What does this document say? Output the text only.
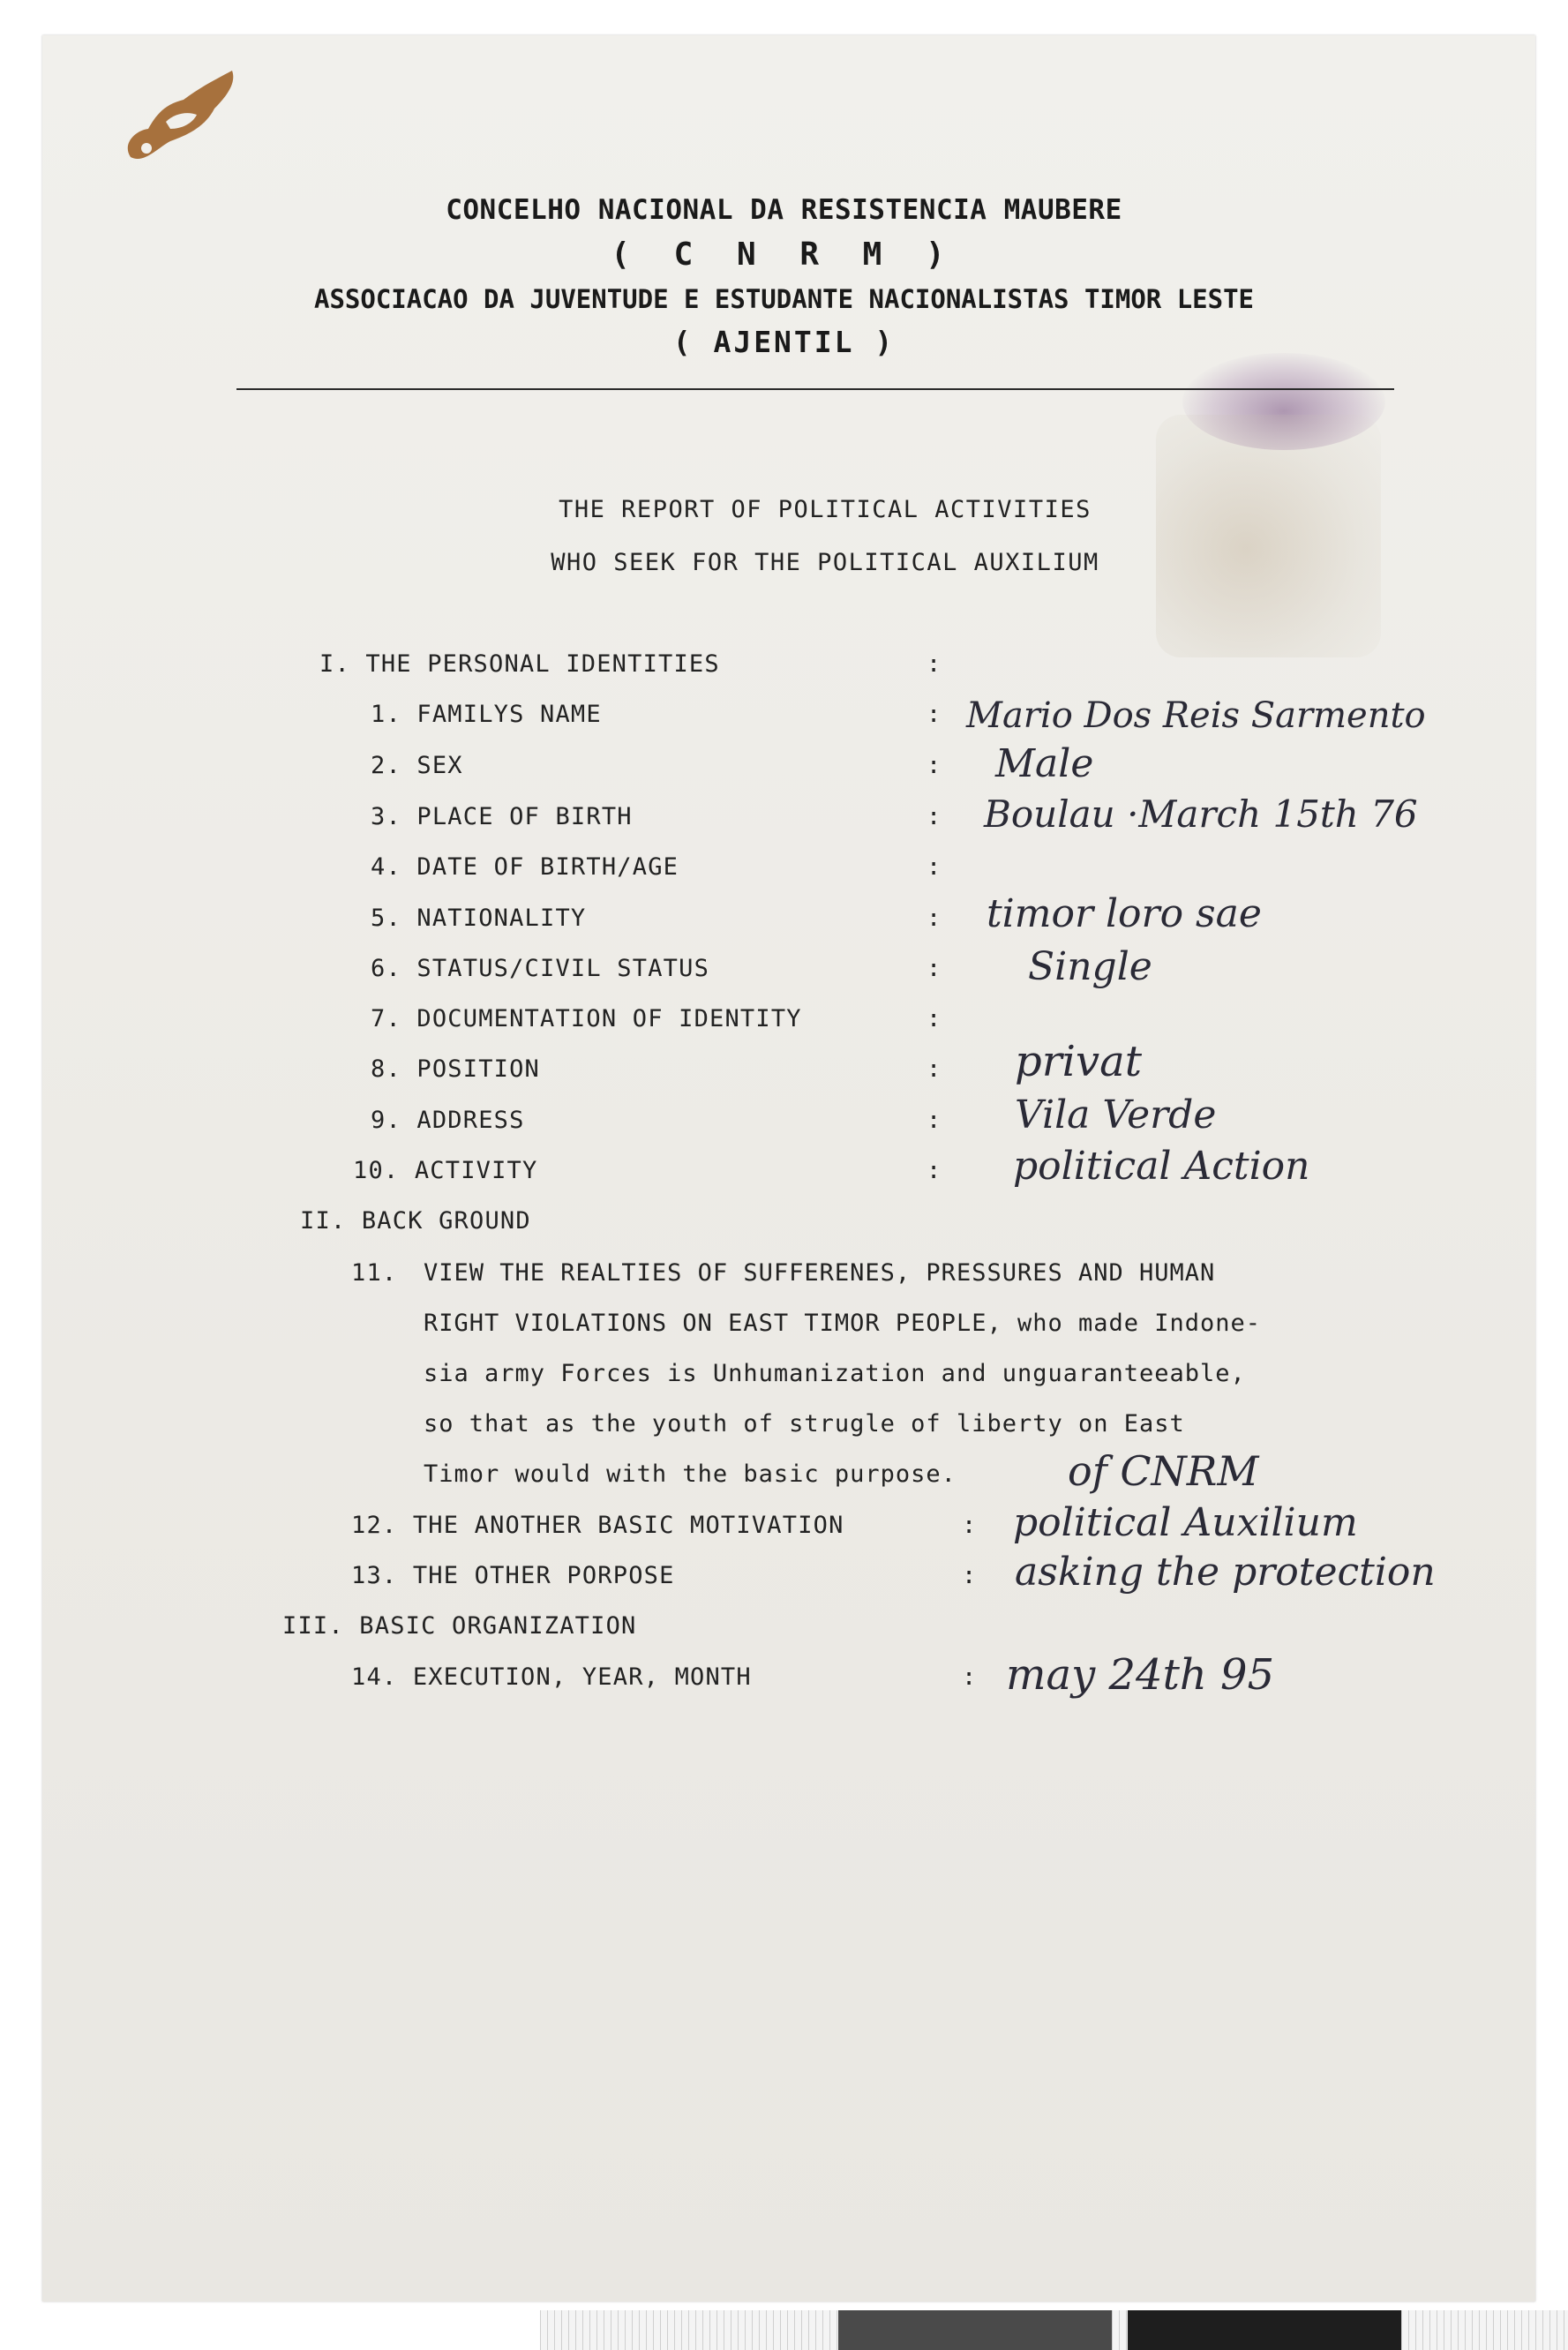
CONCELHO NACIONAL DA RESISTENCIA MAUBERE
( C N R M )
ASSOCIACAO DA JUVENTUDE E ESTUDANTE NACIONALISTAS TIMOR LESTE
( AJENTIL )
THE REPORT OF POLITICAL ACTIVITIES
WHO SEEK FOR THE POLITICAL AUXILIUM
I. THE PERSONAL IDENTITIES	:
1. FAMILYS NAME	: Mario Dos Reis Sarmento
2. SEX	: Male
3. PLACE OF BIRTH	: Boulau ·March 15th 76
4. DATE OF BIRTH/AGE	:
5. NATIONALITY	: timor loro sae
6. STATUS/CIVIL STATUS	: Single
7. DOCUMENTATION OF IDENTITY	:
8. POSITION	: privat
9. ADDRESS	: Vila Verde
10. ACTIVITY	: political Action
II. BACK GROUND
11. VIEW THE REALTIES OF SUFFERENES, PRESSURES AND HUMAN
RIGHT VIOLATIONS ON EAST TIMOR PEOPLE, who made Indone-
sia army Forces is Unhumanization and unguaranteeable,
so that as the youth of strugle of liberty on East
Timor would with the basic purpose.	of CNRM
12. THE ANOTHER BASIC MOTIVATION	: political Auxilium
13. THE OTHER PORPOSE	: asking the protection
III. BASIC ORGANIZATION
14. EXECUTION, YEAR, MONTH	: may 24th 95
